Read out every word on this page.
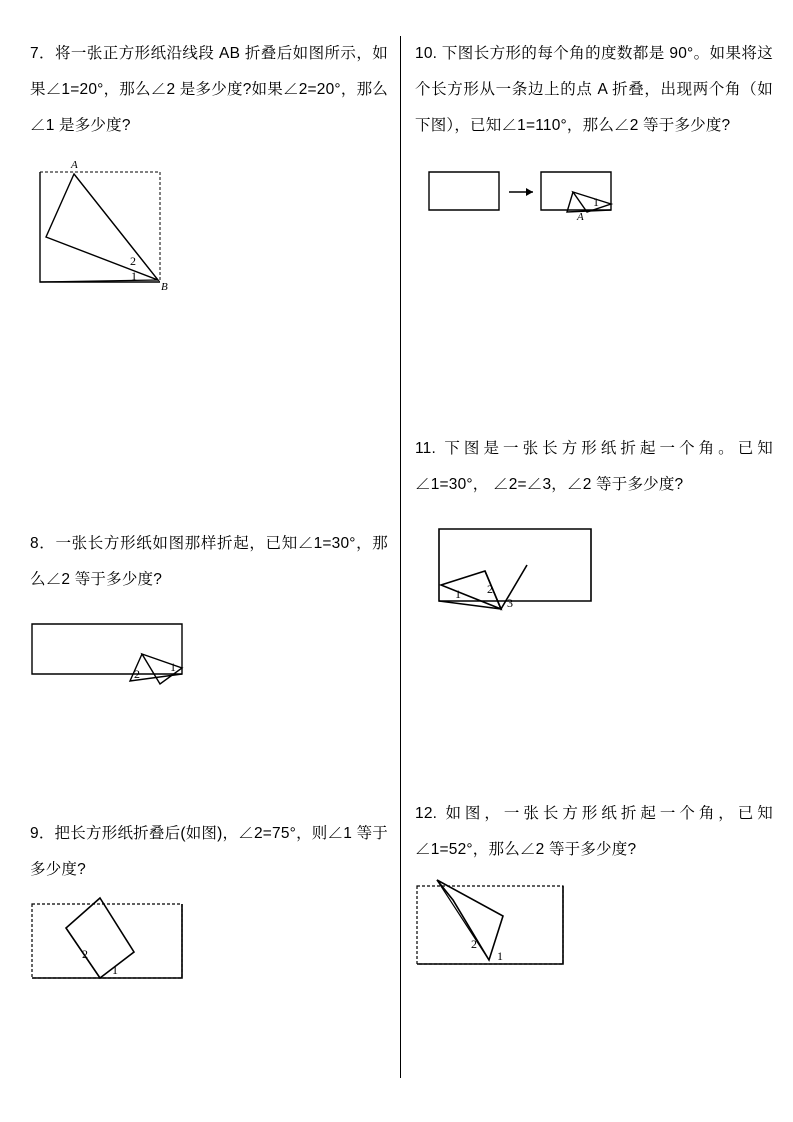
7．将一张正方形纸沿线段 AB 折叠后如图所示，如果∠1=20°，那么∠2 是多少度?如果∠2=20°，那么∠1 是多少度?
A
B
2
1
8．一张长方形纸如图那样折起，已知∠1=30°，那么∠2 等于多少度?
2	1
9．把长方形纸折叠后(如图)，∠2=75°，则∠1 等于多少度?
2
1
10. 下图长方形的每个角的度数都是 90°。如果将这个长方形从一条边上的点 A 折叠，出现两个角（如下图），已知∠1=110°，那么∠2 等于多少度?
1
A
11. 下图是一张长方形纸折起一个角。已知∠1=30°， ∠2=∠3，∠2 等于多少度?
1 2
3
12. 如图，一张长方形纸折起一个角，已知∠1=52°，那么∠2 等于多少度?
2
1
